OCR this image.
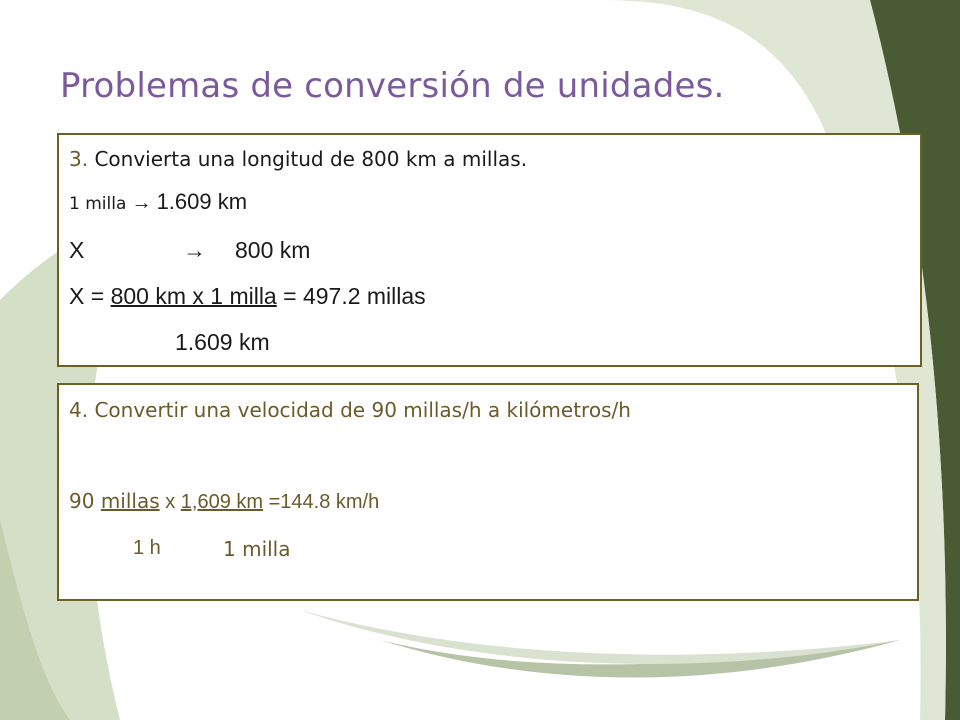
Problemas de conversión de unidades.
3. Convierta una longitud de 800 km a millas.
1 milla → 1.609 km
X	→ 800 km
X = 800 km x 1 milla = 497.2 millas
1.609 km
4. Convertir una velocidad de 90 millas/h a kilómetros/h
90 millas x 1,609 km =144.8 km/h
1 h	1 milla
